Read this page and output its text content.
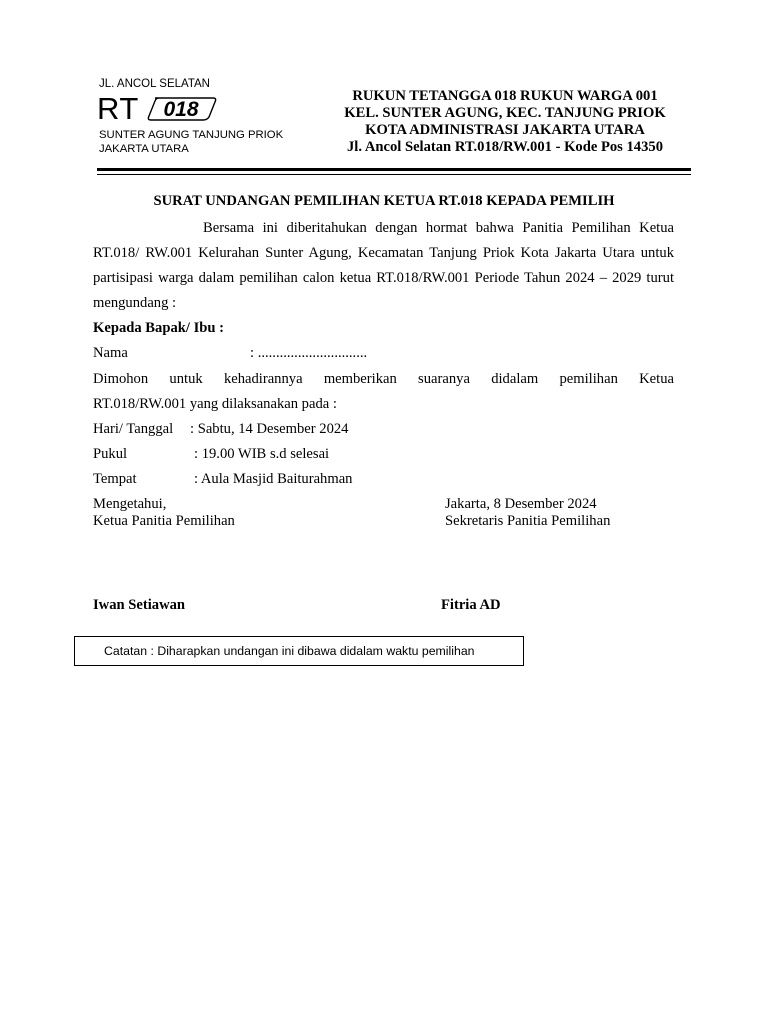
JL. ANCOL SELATAN
RT 018
SUNTER AGUNG TANJUNG PRIOK
JAKARTA UTARA
RUKUN TETANGGA 018 RUKUN WARGA 001
KEL. SUNTER AGUNG, KEC. TANJUNG PRIOK
KOTA ADMINISTRASI JAKARTA UTARA
Jl. Ancol Selatan RT.018/RW.001 - Kode Pos 14350
SURAT UNDANGAN PEMILIHAN KETUA RT.018 KEPADA PEMILIH

Bersama ini diberitahukan dengan hormat bahwa Panitia Pemilihan Ketua RT.018/ RW.001 Kelurahan Sunter Agung, Kecamatan Tanjung Priok Kota Jakarta Utara untuk partisipasi warga dalam pemilihan calon ketua RT.018/RW.001 Periode Tahun 2024 – 2029 turut mengundang :

Kepada Bapak/ Ibu :
Nama	: ..............................
Dimohon untuk kehadirannya memberikan suaranya didalam pemilihan Ketua
RT.018/RW.001 yang dilaksanakan pada :
Hari/ Tanggal : Sabtu, 14 Desember 2024
Pukul	: 19.00 WIB s.d selesai
Tempat	: Aula Masjid Baiturahman
Mengetahui,
Ketua Panitia Pemilihan
Jakarta, 8 Desember 2024
Sekretaris Panitia Pemilihan
Iwan Setiawan	Fitria AD
Catatan : Diharapkan undangan ini dibawa didalam waktu pemilihan
